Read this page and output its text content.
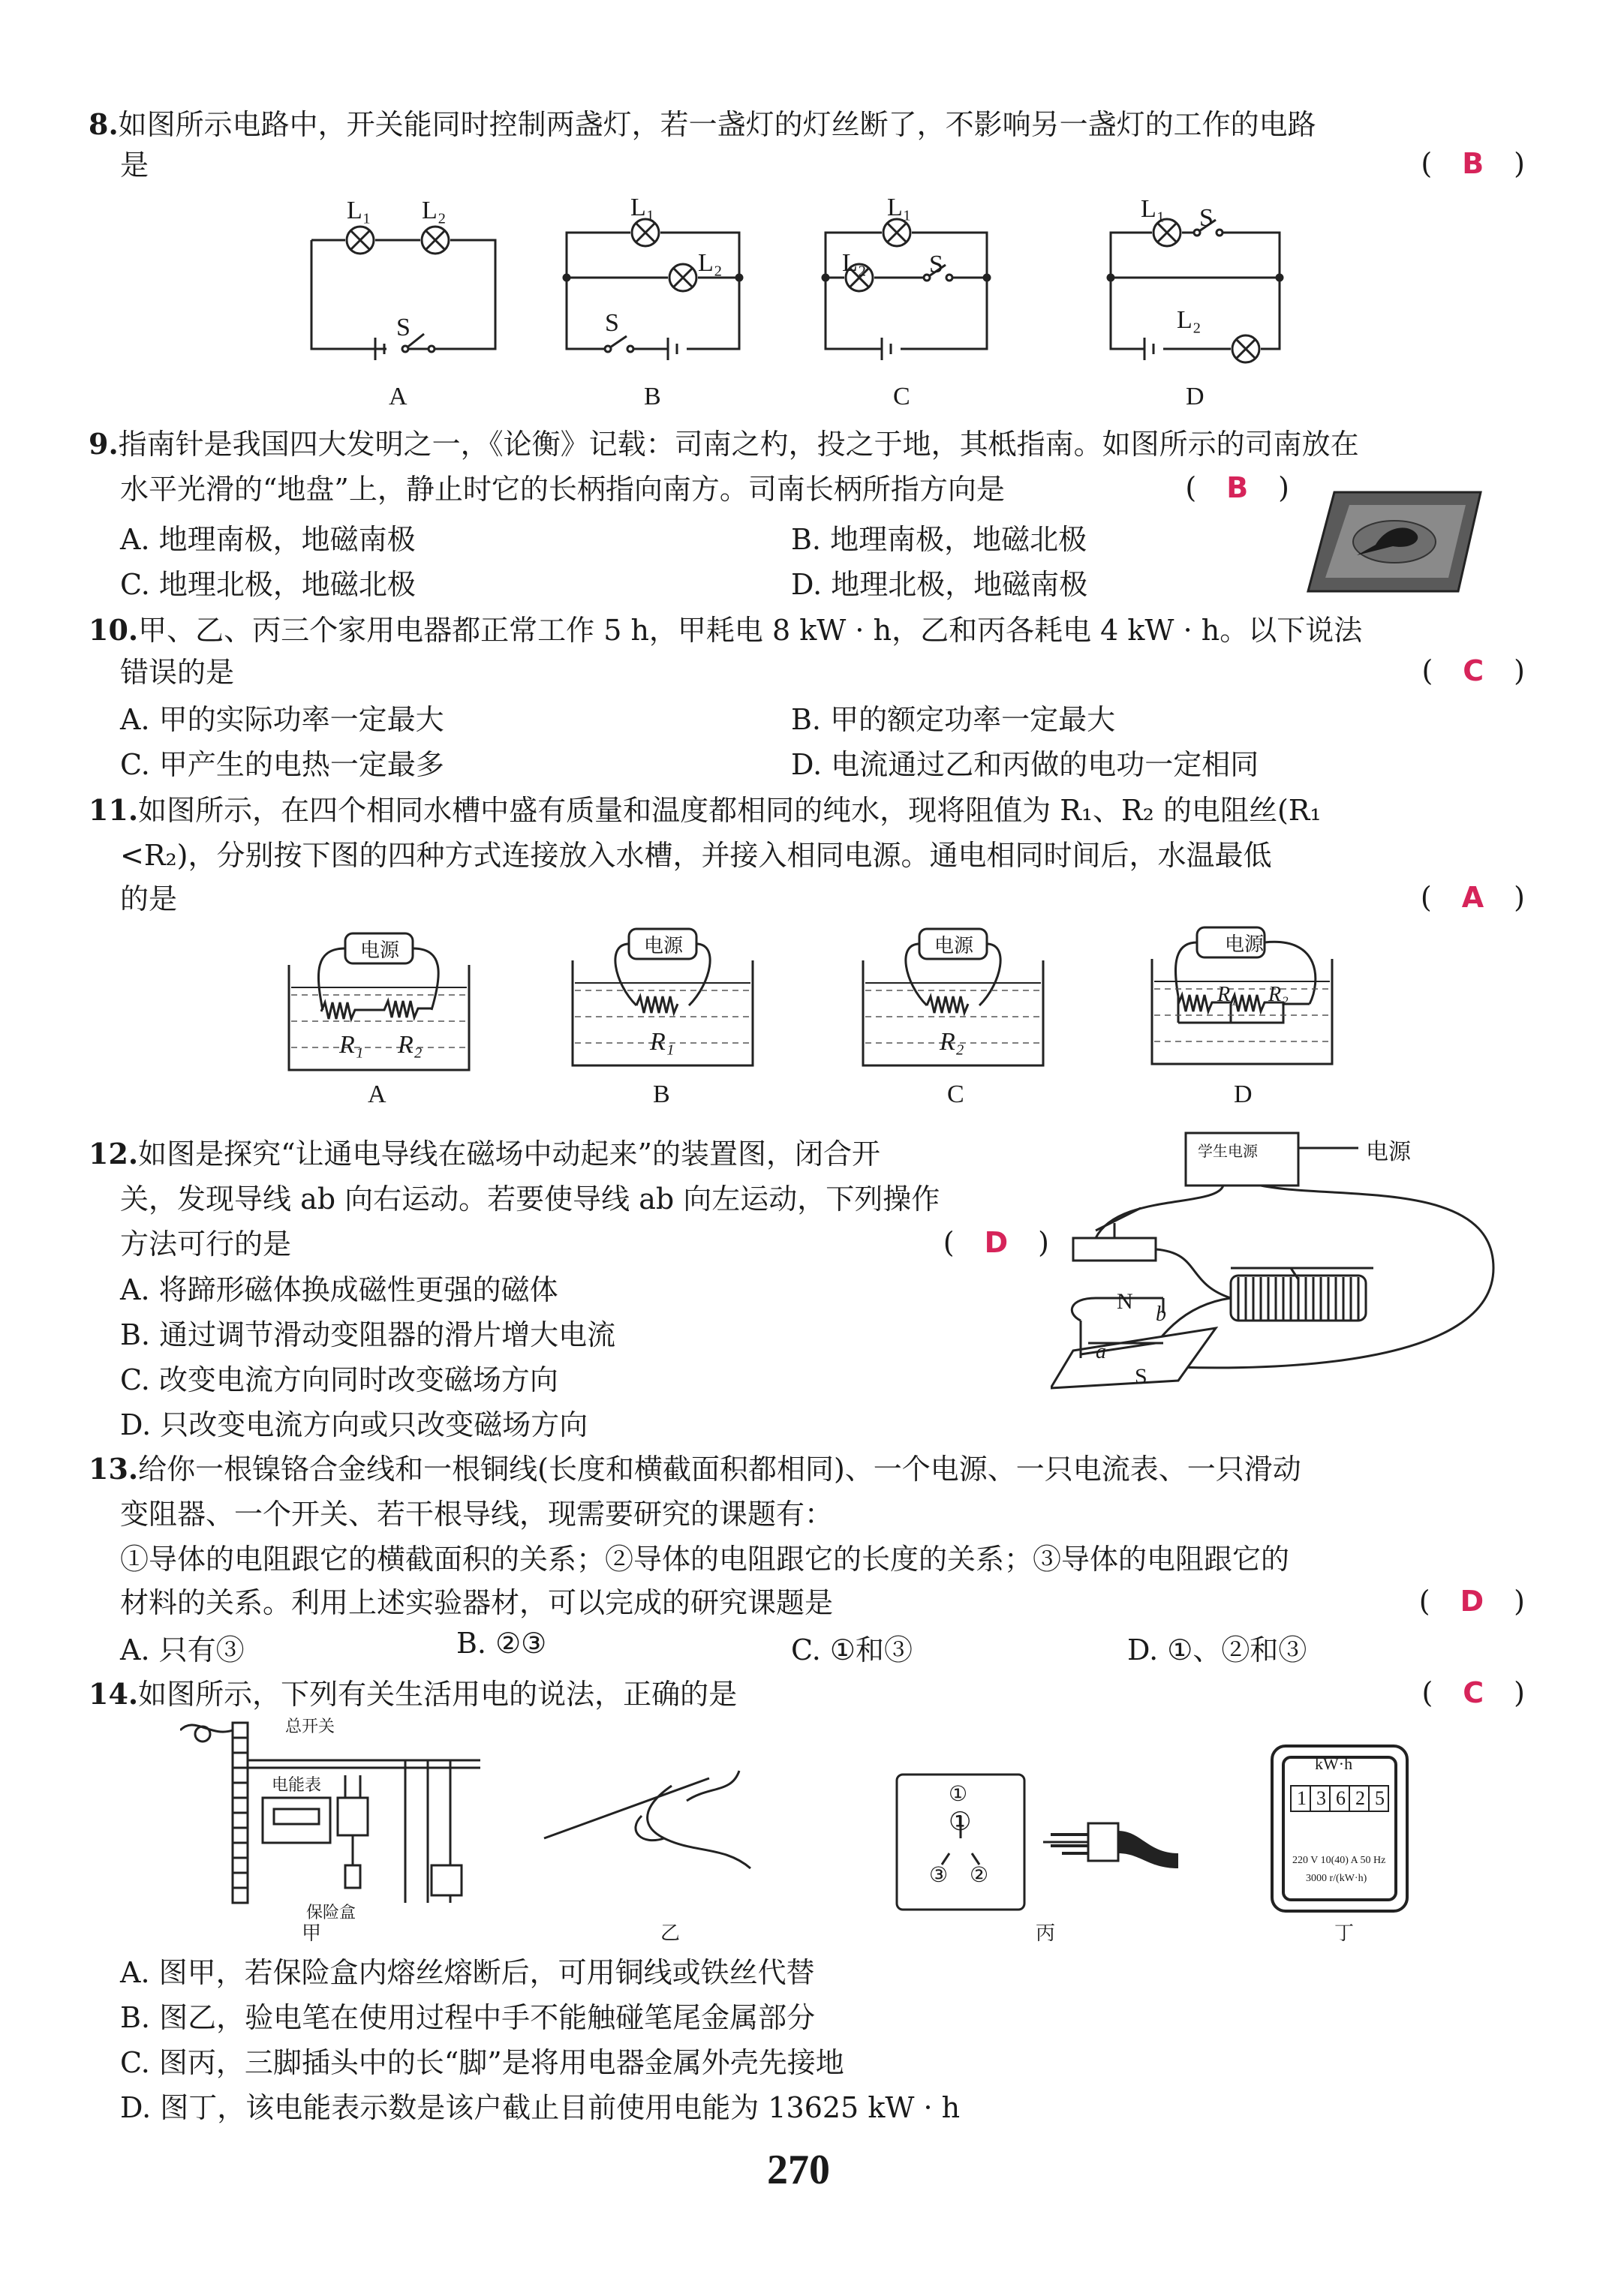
8.如图所示电路中，开关能同时控制两盏灯，若一盏灯的灯丝断了，不影响另一盏灯的工作的电路
是	( B )
L₁ L₂
S
A
L₁
L₂
S
B
L₁
L₂ S
C
L₁ S
L₂
D
9.指南针是我国四大发明之一，《论衡》记载：司南之杓，投之于地，其柢指南。如图所示的司南放在
水平光滑的“地盘”上，静止时它的长柄指向南方。司南长柄所指方向是	( B )
A. 地理南极，地磁南极	B. 地理南极，地磁北极
C. 地理北极，地磁北极	D. 地理北极，地磁南极
10.甲、乙、丙三个家用电器都正常工作 5 h，甲耗电 8 kW · h，乙和丙各耗电 4 kW · h。以下说法
错误的是	( C )
A. 甲的实际功率一定最大	B. 甲的额定功率一定最大
C. 甲产生的电热一定最多	D. 电流通过乙和丙做的电功一定相同
11.如图所示，在四个相同水槽中盛有质量和温度都相同的纯水，现将阻值为 R₁、R₂ 的电阻丝(R₁
<R₂)，分别按下图的四种方式连接放入水槽，并接入相同电源。通电相同时间后，水温最低
的是	( A )
电源
R₁ R₂
A
电源
R₁
B
电源
R₂
C
电源
R₁ R₂
D
12.如图是探究“让通电导线在磁场中动起来”的装置图，闭合开
关，发现导线 ab 向右运动。若要使导线 ab 向左运动，下列操作
方法可行的是	( D )
A. 将蹄形磁体换成磁性更强的磁体
B. 通过调节滑动变阻器的滑片增大电流
C. 改变电流方向同时改变磁场方向
D. 只改变电流方向或只改变磁场方向
学生电源	电源
N
S
a
b
13.给你一根镍铬合金线和一根铜线(长度和横截面积都相同)、一个电源、一只电流表、一只滑动
变阻器、一个开关、若干根导线，现需要研究的课题有：
①导体的电阻跟它的横截面积的关系；②导体的电阻跟它的长度的关系；③导体的电阻跟它的
材料的关系。利用上述实验器材，可以完成的研究课题是	( D )
A. 只有③	B. ②③	C. ①和③	D. ①、②和③
14.如图所示，下列有关生活用电的说法，正确的是	( C )
总开关
电能表
保险盒
甲	乙
①
①
③ ②
丙
kW·h
1 3 6 2 5
220 V 10(40) A 50 Hz
3000 r/(kW·h)
丁
A. 图甲，若保险盒内熔丝熔断后，可用铜线或铁丝代替
B. 图乙，验电笔在使用过程中手不能触碰笔尾金属部分
C. 图丙，三脚插头中的长“脚”是将用电器金属外壳先接地
D. 图丁，该电能表示数是该户截止目前使用电能为 13625 kW · h
270
